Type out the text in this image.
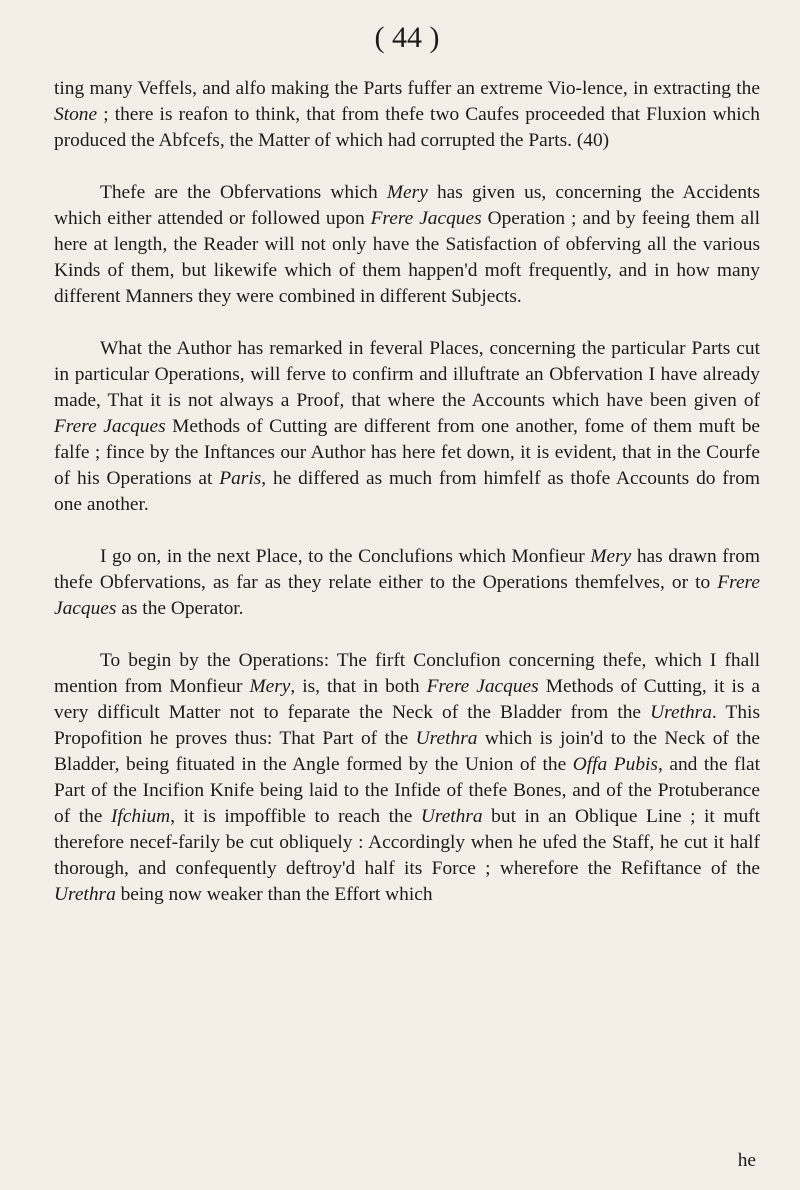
( 44 )

ting many Veffels, and alfo making the Parts fuffer an extreme Vio-lence, in extracting the Stone ; there is reafon to think, that from thefe two Caufes proceeded that Fluxion which produced the Abfcefs, the Matter of which had corrupted the Parts. (40)

Thefe are the Obfervations which Mery has given us, concerning the Accidents which either attended or followed upon Frere Jacques Operation ; and by feeing them all here at length, the Reader will not only have the Satisfaction of obferving all the various Kinds of them, but likewife which of them happen'd moft frequently, and in how many different Manners they were combined in different Subjects.

What the Author has remarked in feveral Places, concerning the particular Parts cut in particular Operations, will ferve to confirm and illuftrate an Obfervation I have already made, That it is not always a Proof, that where the Accounts which have been given of Frere Jacques Methods of Cutting are different from one another, fome of them muft be falfe ; fince by the Inftances our Author has here fet down, it is evident, that in the Courfe of his Operations at Paris, he differed as much from himfelf as thofe Accounts do from one another.

I go on, in the next Place, to the Conclufions which Monfieur Mery has drawn from thefe Obfervations, as far as they relate either to the Operations themfelves, or to Frere Jacques as the Operator.

To begin by the Operations: The firft Conclufion concerning thefe, which I fhall mention from Monfieur Mery, is, that in both Frere Jacques Methods of Cutting, it is a very difficult Matter not to feparate the Neck of the Bladder from the Urethra. This Propofition he proves thus: That Part of the Urethra which is join'd to the Neck of the Bladder, being fituated in the Angle formed by the Union of the Offa Pubis, and the flat Part of the Incifion Knife being laid to the Infide of thefe Bones, and of the Protuberance of the Ifchium, it is impoffible to reach the Urethra but in an Oblique Line ; it muft therefore necef-farily be cut obliquely : Accordingly when he ufed the Staff, he cut it half thorough, and confequently deftroy'd half its Force ; wherefore the Refiftance of the Urethra being now weaker than the Effort which

he
